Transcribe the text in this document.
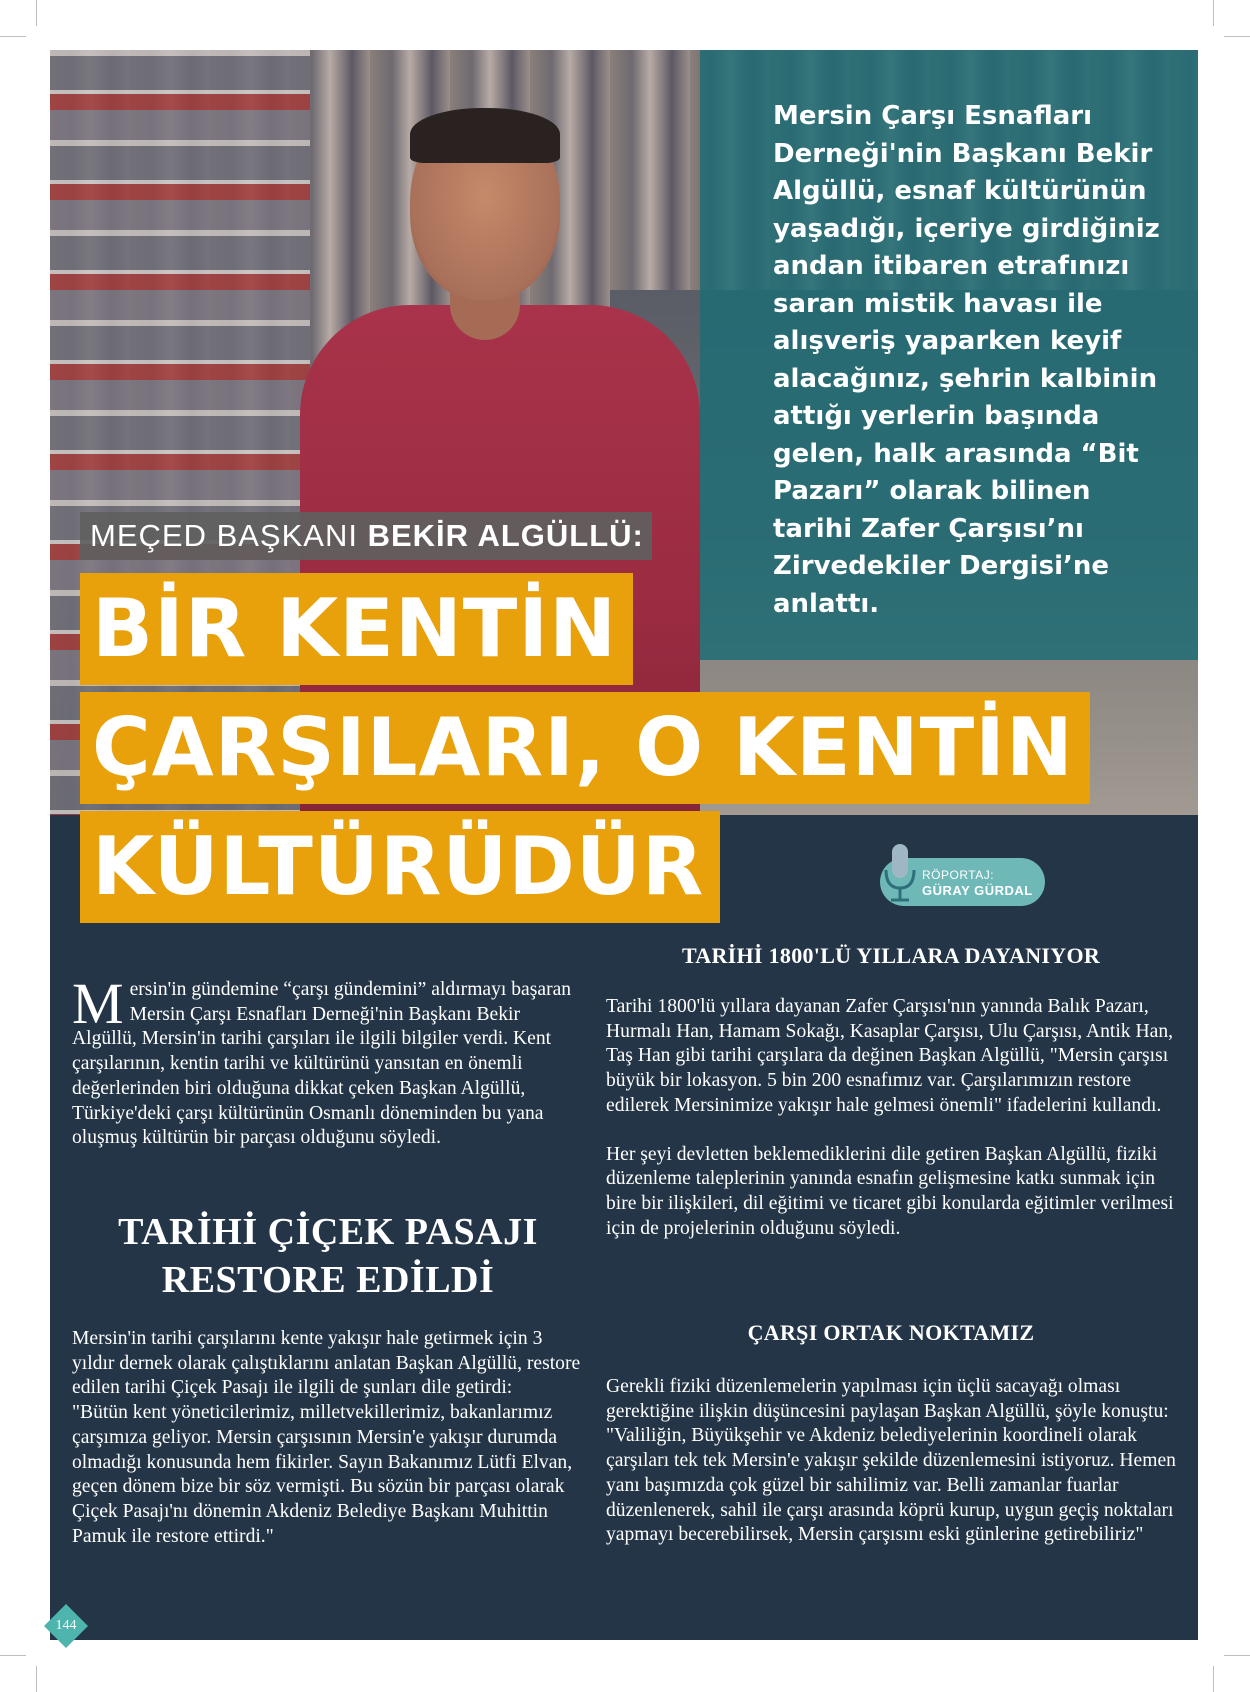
Mersin Çarşı Esnafları Derneği'nin Başkanı Bekir Algüllü, esnaf kültürünün yaşadığı, içeriye girdiğiniz andan itibaren etrafınızı saran mistik havası ile alışveriş yaparken keyif alacağınız, şehrin kalbinin attığı yerlerin başında gelen, halk arasında “Bit Pazarı” olarak bilinen tarihi Zafer Çarşısı’nı Zirvedekiler Dergisi’ne anlattı.
MEÇED BAŞKANI BEKİR ALGÜLLÜ:
BİR KENTİN
ÇARŞILARI, O KENTİN
KÜLTÜRÜDÜR	RÖPORTAJ:
GÜRAY GÜRDAL

Mersin'in gündemine “çarşı gündemini” aldırmayı başaran Mersin Çarşı Esnafları Derneği'nin Başkanı Bekir Algüllü, Mersin'in tarihi çarşıları ile ilgili bilgiler verdi. Kent çarşılarının, kentin tarihi ve kültürünü yansıtan en önemli değerlerinden biri olduğuna dikkat çeken Başkan Algüllü, Türkiye'deki çarşı kültürünün Osmanlı döneminden bu yana oluşmuş kültürün bir parçası olduğunu söyledi.

TARİHİ ÇİÇEK PASAJI
RESTORE EDİLDİ

Mersin'in tarihi çarşılarını kente yakışır hale getirmek için 3 yıldır dernek olarak çalıştıklarını anlatan Başkan Algüllü, restore edilen tarihi Çiçek Pasajı ile ilgili de şunları dile getirdi:

"Bütün kent yöneticilerimiz, milletvekillerimiz, bakanlarımız çarşımıza geliyor. Mersin çarşısının Mersin'e yakışır durumda olmadığı konusunda hem fikirler. Sayın Bakanımız Lütfi Elvan, geçen dönem bize bir söz vermişti. Bu sözün bir parçası olarak Çiçek Pasajı'nı dönemin Akdeniz Belediye Başkanı Muhittin Pamuk ile restore ettirdi."

TARİHİ 1800'LÜ YILLARA DAYANIYOR

Tarihi 1800'lü yıllara dayanan Zafer Çarşısı'nın yanında Balık Pazarı, Hurmalı Han, Hamam Sokağı, Kasaplar Çarşısı, Ulu Çarşısı, Antik Han, Taş Han gibi tarihi çarşılara da değinen Başkan Algüllü, "Mersin çarşısı büyük bir lokasyon. 5 bin 200 esnafımız var. Çarşılarımızın restore edilerek Mersinimize yakışır hale gelmesi önemli" ifadelerini kullandı.

Her şeyi devletten beklemediklerini dile getiren Başkan Algüllü, fiziki düzenleme taleplerinin yanında esnafın gelişmesine katkı sunmak için bire bir ilişkileri, dil eğitimi ve ticaret gibi konularda eğitimler verilmesi için de projelerinin olduğunu söyledi.

ÇARŞI ORTAK NOKTAMIZ

Gerekli fiziki düzenlemelerin yapılması için üçlü sacayağı olması gerektiğine ilişkin düşüncesini paylaşan Başkan Algüllü, şöyle konuştu:

"Valiliğin, Büyükşehir ve Akdeniz belediyelerinin koordineli olarak çarşıları tek tek Mersin'e yakışır şekilde düzenlemesini istiyoruz. Hemen yanı başımızda çok güzel bir sahilimiz var. Belli zamanlar fuarlar düzenlenerek, sahil ile çarşı arasında köprü kurup, uygun geçiş noktaları yapmayı becerebilirsek, Mersin çarşısını eski günlerine getirebiliriz"

144
